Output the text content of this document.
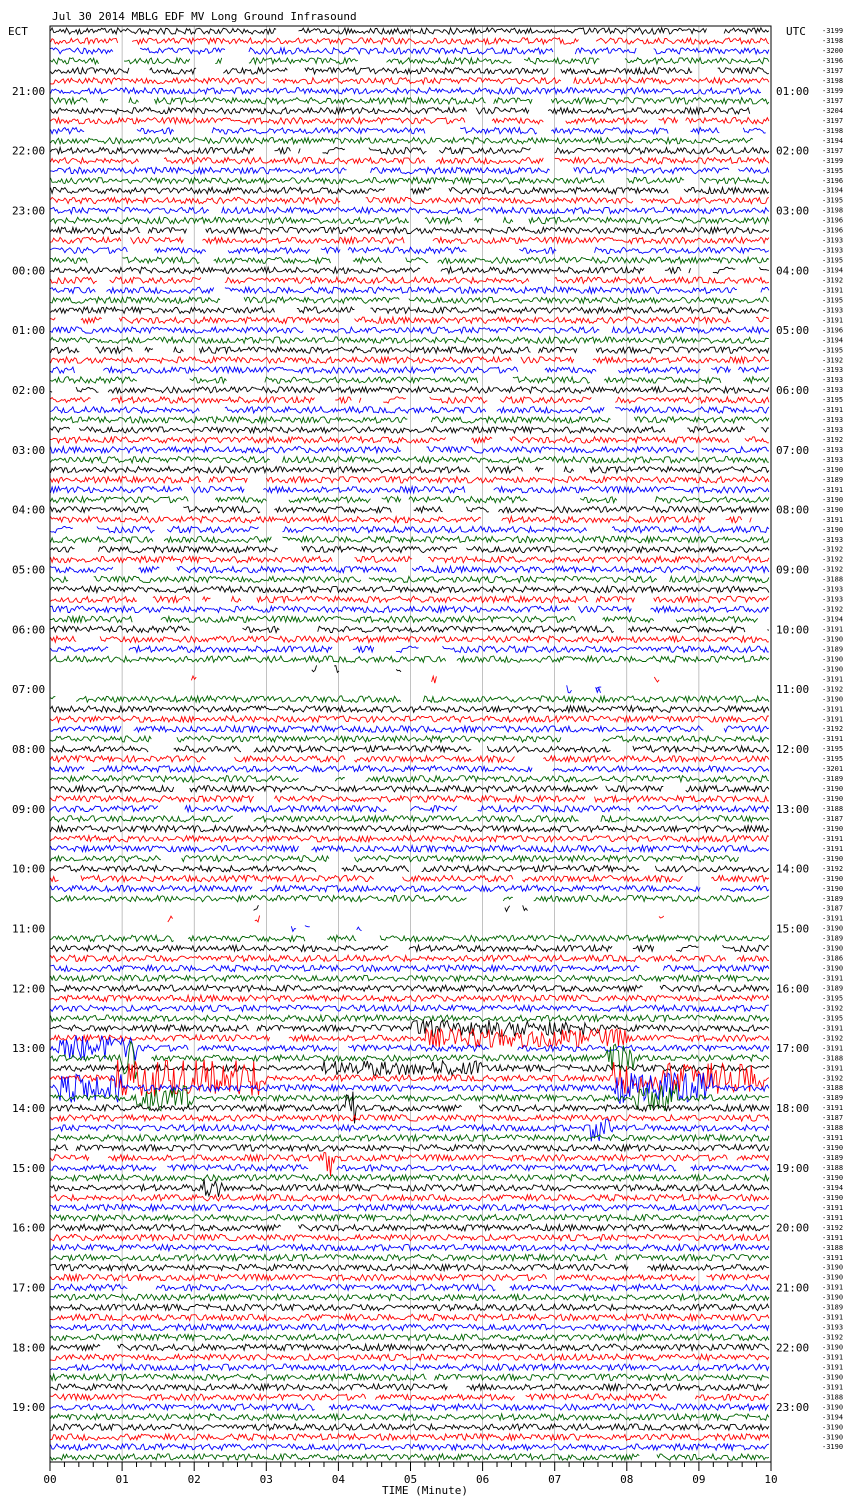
Jul 30 2014 MBLG EDF MV Long Ground Infrasound
ECT	UTC -3199
-3198
-3200
-3196
-3197
-3198
-3199
-3197
-3204
-3197
-3198
-3194
-3197
-3199
-3195
-3196
-3194
-3195
-3198
-3196
-3196
-3193
-3193
-3195
-3194
-3192
-3191
-3195
-3193
-3191
-3196
-3194
-3195
-3192
-3193
-3193
-3193
-3195
-3191
-3193
-3193
-3192
-3193
-3193
-3190
-3189
-3191
-3190
-3190
-3191
-3190
-3193
-3192
-3192
-3192
-3188
-3193
-3193
-3192
-3194
-3191
-3190
-3189
-3190
-3190
-3191
-3192
-3190
-3191
-3191
-3192
-3191
-3195
-3195
-3201
-3189
-3190
-3190
-3188
-3187
-3190
-3191
-3191
-3190
-3192
-3190
-3190
-3189
-3187
-3191
-3190
-3189
-3190
-3186
-3190
-3191
-3189
-3195
-3192
-3195
-3191
-3192
-3191
-3188
-3191
-3192
-3188
-3189
-3191
-3187
-3188
-3191
-3190
-3189
-3188
-3190
-3194
-3190
-3191
-3191
-3192
-3191
-3188
-3191
-3190
-3190
-3191
-3190
-3189
-3191
-3193
-3192
-3190
-3191
-3191
-3190
-3191
-3188
-3190
-3194
-3190
-3190
-3190
21:00
22:00
23:00
00:00
01:00
02:00
03:00
04:00
05:00
06:00
07:00
08:00
09:00
10:00
11:00
12:00
13:00
14:00
15:00
16:00
17:00
18:00
19:00
01:00
02:00
03:00
04:00
05:00
06:00
07:00
08:00
09:00
10:00
11:00
12:00
13:00
14:00
15:00
16:00
17:00
18:00
19:00
20:00
21:00
22:00
23:00
00	01	02	03	04	05	06	07	08	09	10
TIME (Minute)
